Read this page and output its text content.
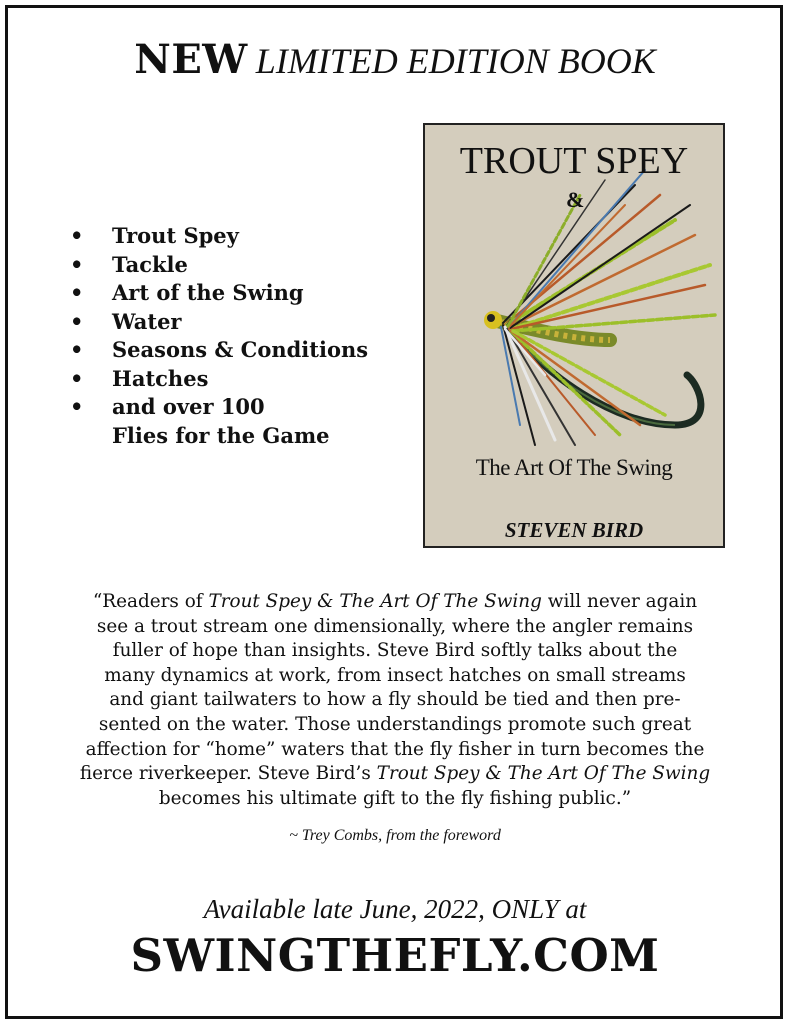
NEW LIMITED EDITION BOOK
• Trout Spey
• Tackle
• Art of the Swing
• Water
• Seasons & Conditions
• Hatches
• and over 100
Flies for the Game
TROUT SPEY
&
The Art Of The Swing
STEVEN BIRD

“Readers of Trout Spey & The Art Of The Swing will never again
see a trout stream one dimensionally, where the angler remains
fuller of hope than insights. Steve Bird softly talks about the
many dynamics at work, from insect hatches on small streams
and giant tailwaters to how a fly should be tied and then pre-
sented on the water. Those understandings promote such great
affection for “home” waters that the fly fisher in turn becomes the
fierce riverkeeper. Steve Bird’s Trout Spey & The Art Of The Swing
becomes his ultimate gift to the fly fishing public.”

~ Trey Combs, from the foreword
Available late June, 2022, ONLY at
SWINGTHEFLY.COM
